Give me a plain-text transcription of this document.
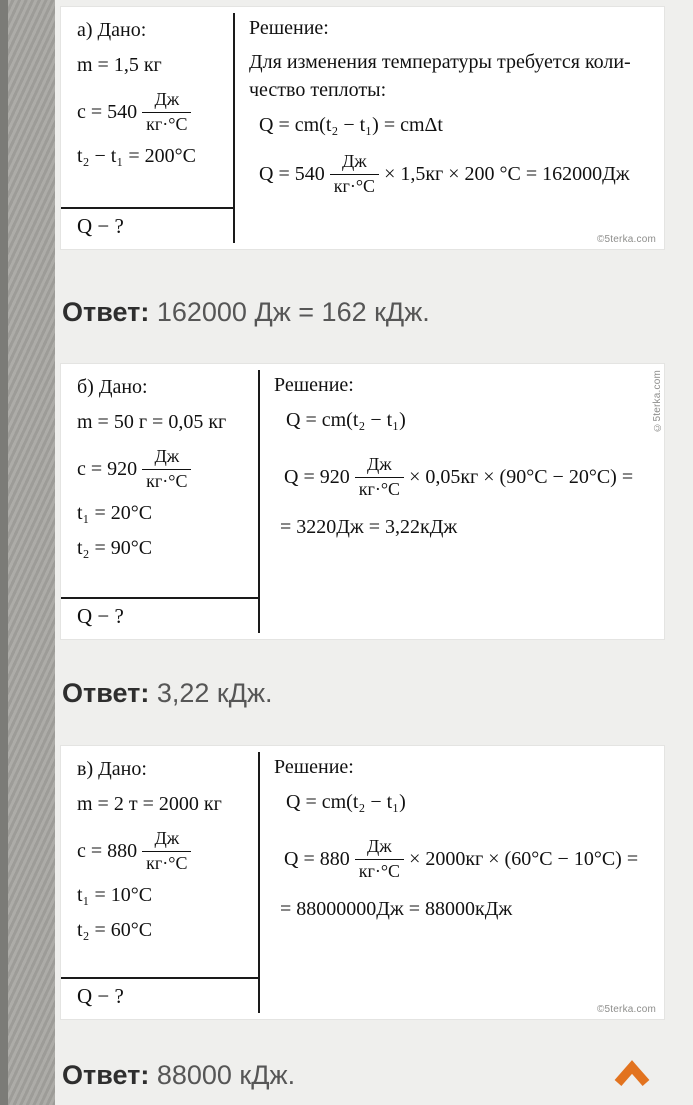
а) Дано:
m = 1,5 кг
$c = 540 \frac{Дж}{кг\cdot^\circ C}$
t₂ − t₁ = 200°C
Q − ?
Решение:
Для изменения температуры требуется коли-
чество теплоты:
Q = cm(t₂ − t₁) = cmΔt
$Q = 540 \frac{Дж}{кг\cdot^\circ C} \times 1,5кг \times 200$ °C = 162000Дж
©5terka.com
Ответ: 162000 Дж = 162 кДж.
б) Дано:
m = 50 г = 0,05 кг
$c = 920 \frac{Дж}{кг\cdot^\circ C}$
t₁ = 20°C
t₂ = 90°C
Q − ?
Решение:
Q = cm(t₂ − t₁)
$Q = 920 \frac{Дж}{кг\cdot^\circ C} \times 0,05кг \times (90^\circ C - 20^\circ C)$ =
= 3220Дж = 3,22кДж
©5terka.com
Ответ: 3,22 кДж.
в) Дано:
m = 2 т = 2000 кг
$c = 880 \frac{Дж}{кг\cdot^\circ C}$
t₁ = 10°C
t₂ = 60°C
Q − ?
Решение:
Q = cm(t₂ − t₁)
$Q = 880 \frac{Дж}{кг\cdot^\circ C} \times 2000кг \times (60^\circ C - 10^\circ C)$ =
= 88000000Дж = 88000кДж
©5terka.com
Ответ: 88000 кДж.
